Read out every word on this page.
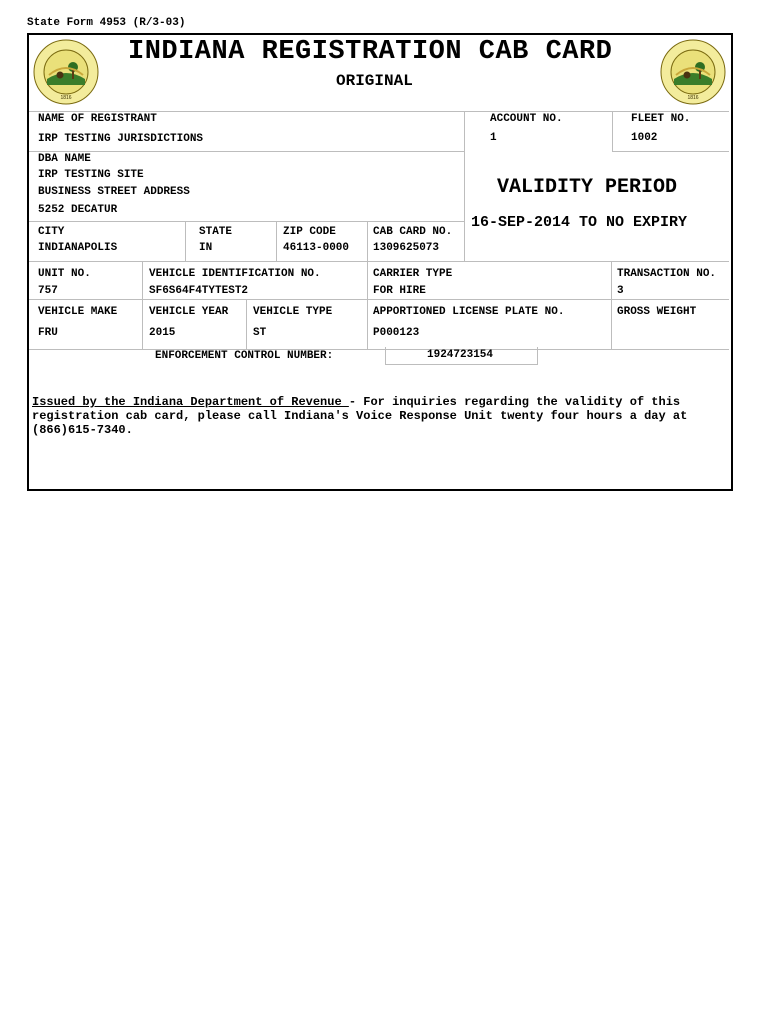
State Form 4953 (R/3-03)
1816	1816
INDIANA REGISTRATION CAB CARD
ORIGINAL
NAME OF REGISTRANT
IRP TESTING JURISDICTIONS
ACCOUNT NO.
1
FLEET NO.
1002
DBA NAME
IRP TESTING SITE
BUSINESS STREET ADDRESS
5252 DECATUR
CITY
INDIANAPOLIS
STATE
IN
ZIP CODE
46113-0000
CAB CARD NO.
1309625073
VALIDITY PERIOD
16-SEP-2014 TO NO EXPIRY
UNIT NO.
757
VEHICLE IDENTIFICATION NO.
SF6S64F4TYTEST2
CARRIER TYPE
FOR HIRE
TRANSACTION NO.
3
VEHICLE MAKE
FRU
VEHICLE YEAR
2015
VEHICLE TYPE
ST
APPORTIONED LICENSE PLATE NO.
P000123
GROSS WEIGHT
ENFORCEMENT CONTROL NUMBER:	1924723154
Issued by the Indiana Department of Revenue - For inquiries regarding the validity of this registration cab card, please call Indiana's Voice Response Unit twenty four hours a day at (866)615-7340.
